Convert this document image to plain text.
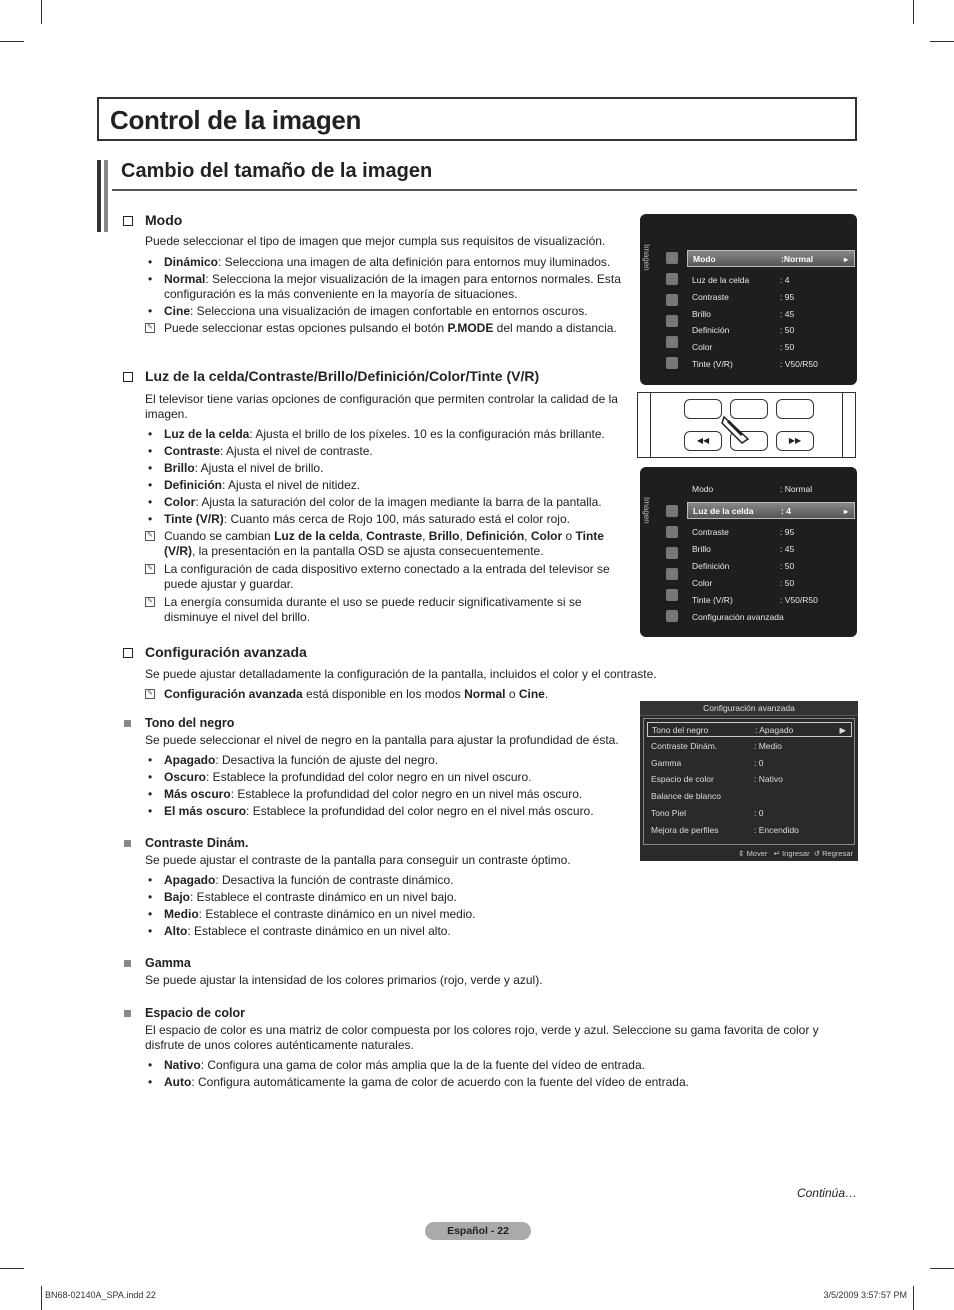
Control de la imagen
Cambio del tamaño de la imagen
Modo
Puede seleccionar el tipo de imagen que mejor cumpla sus requisitos de visualización.
• Dinámico: Selecciona una imagen de alta definición para entornos muy iluminados.
• Normal: Selecciona la mejor visualización de la imagen para entornos normales. Esta configuración es la más conveniente en la mayoría de situaciones.
• Cine: Selecciona una visualización de imagen confortable en entornos oscuros.
✎ Puede seleccionar estas opciones pulsando el botón P.MODE del mando a distancia.
Luz de la celda/Contraste/Brillo/Definición/Color/Tinte (V/R)
El televisor tiene varias opciones de configuración que permiten controlar la calidad de la imagen.
• Luz de la celda: Ajusta el brillo de los píxeles. 10 es la configuración más brillante.
• Contraste: Ajusta el nivel de contraste.
• Brillo: Ajusta el nivel de brillo.
• Definición: Ajusta el nivel de nitidez.
• Color: Ajusta la saturación del color de la imagen mediante la barra de la pantalla.
• Tinte (V/R): Cuanto más cerca de Rojo 100, más saturado está el color rojo.
✎ Cuando se cambian Luz de la celda, Contraste, Brillo, Definición, Color o Tinte (V/R), la presentación en la pantalla OSD se ajusta consecuentemente.
✎ La configuración de cada dispositivo externo conectado a la entrada del televisor se puede ajustar y guardar.
✎ La energía consumida durante el uso se puede reducir significativamente si se disminuye el nivel del brillo.
Configuración avanzada
Se puede ajustar detalladamente la configuración de la pantalla, incluidos el color y el contraste.
✎ Configuración avanzada está disponible en los modos Normal o Cine.
Tono del negro
Se puede seleccionar el nivel de negro en la pantalla para ajustar la profundidad de ésta.
• Apagado: Desactiva la función de ajuste del negro.
• Oscuro: Establece la profundidad del color negro en un nivel oscuro.
• Más oscuro: Establece la profundidad del color negro en un nivel más oscuro.
• El más oscuro: Establece la profundidad del color negro en el nivel más oscuro.
Contraste Dinám.
Se puede ajustar el contraste de la pantalla para conseguir un contraste óptimo.
• Apagado: Desactiva la función de contraste dinámico.
• Bajo: Establece el contraste dinámico en un nivel bajo.
• Medio: Establece el contraste dinámico en un nivel medio.
• Alto: Establece el contraste dinámico en un nivel alto.
Gamma
Se puede ajustar la intensidad de los colores primarios (rojo, verde y azul).
Espacio de color
El espacio de color es una matriz de color compuesta por los colores rojo, verde y azul. Seleccione su gama favorita de color y disfrute de unos colores auténticamente naturales.
• Nativo: Configura una gama de color más amplia que la de la fuente del vídeo de entrada.
• Auto: Configura automáticamente la gama de color de acuerdo con la fuente del vídeo de entrada.
Imagen	Modo	:Normal
▸
Luz de la celda	: 4
Contraste	: 95
Brillo	: 45
Definición	: 50
Color	: 50
Tinte (V/R)	: V50/R50
◀◀	▶▶
Imagen
Modo	: Normal
Luz de la celda	: 4
▸
Contraste	: 95
Brillo	: 45
Definición	: 50
Color	: 50
Tinte (V/R)	: V50/R50
Configuración avanzada
Configuración avanzada
Tono del negro	: Apagado	▶
Contraste Dinám.	: Medio
Gamma	: 0
Espacio de color	: Nativo
Balance de blanco
Tono Piel	: 0
Mejora de perfiles	: Encendido
⇕ Mover ↵ Ingresar ↺ Regresar
Continúa…
Español - 22
BN68-02140A_SPA.indd 22	3/5/2009 3:57:57 PM
